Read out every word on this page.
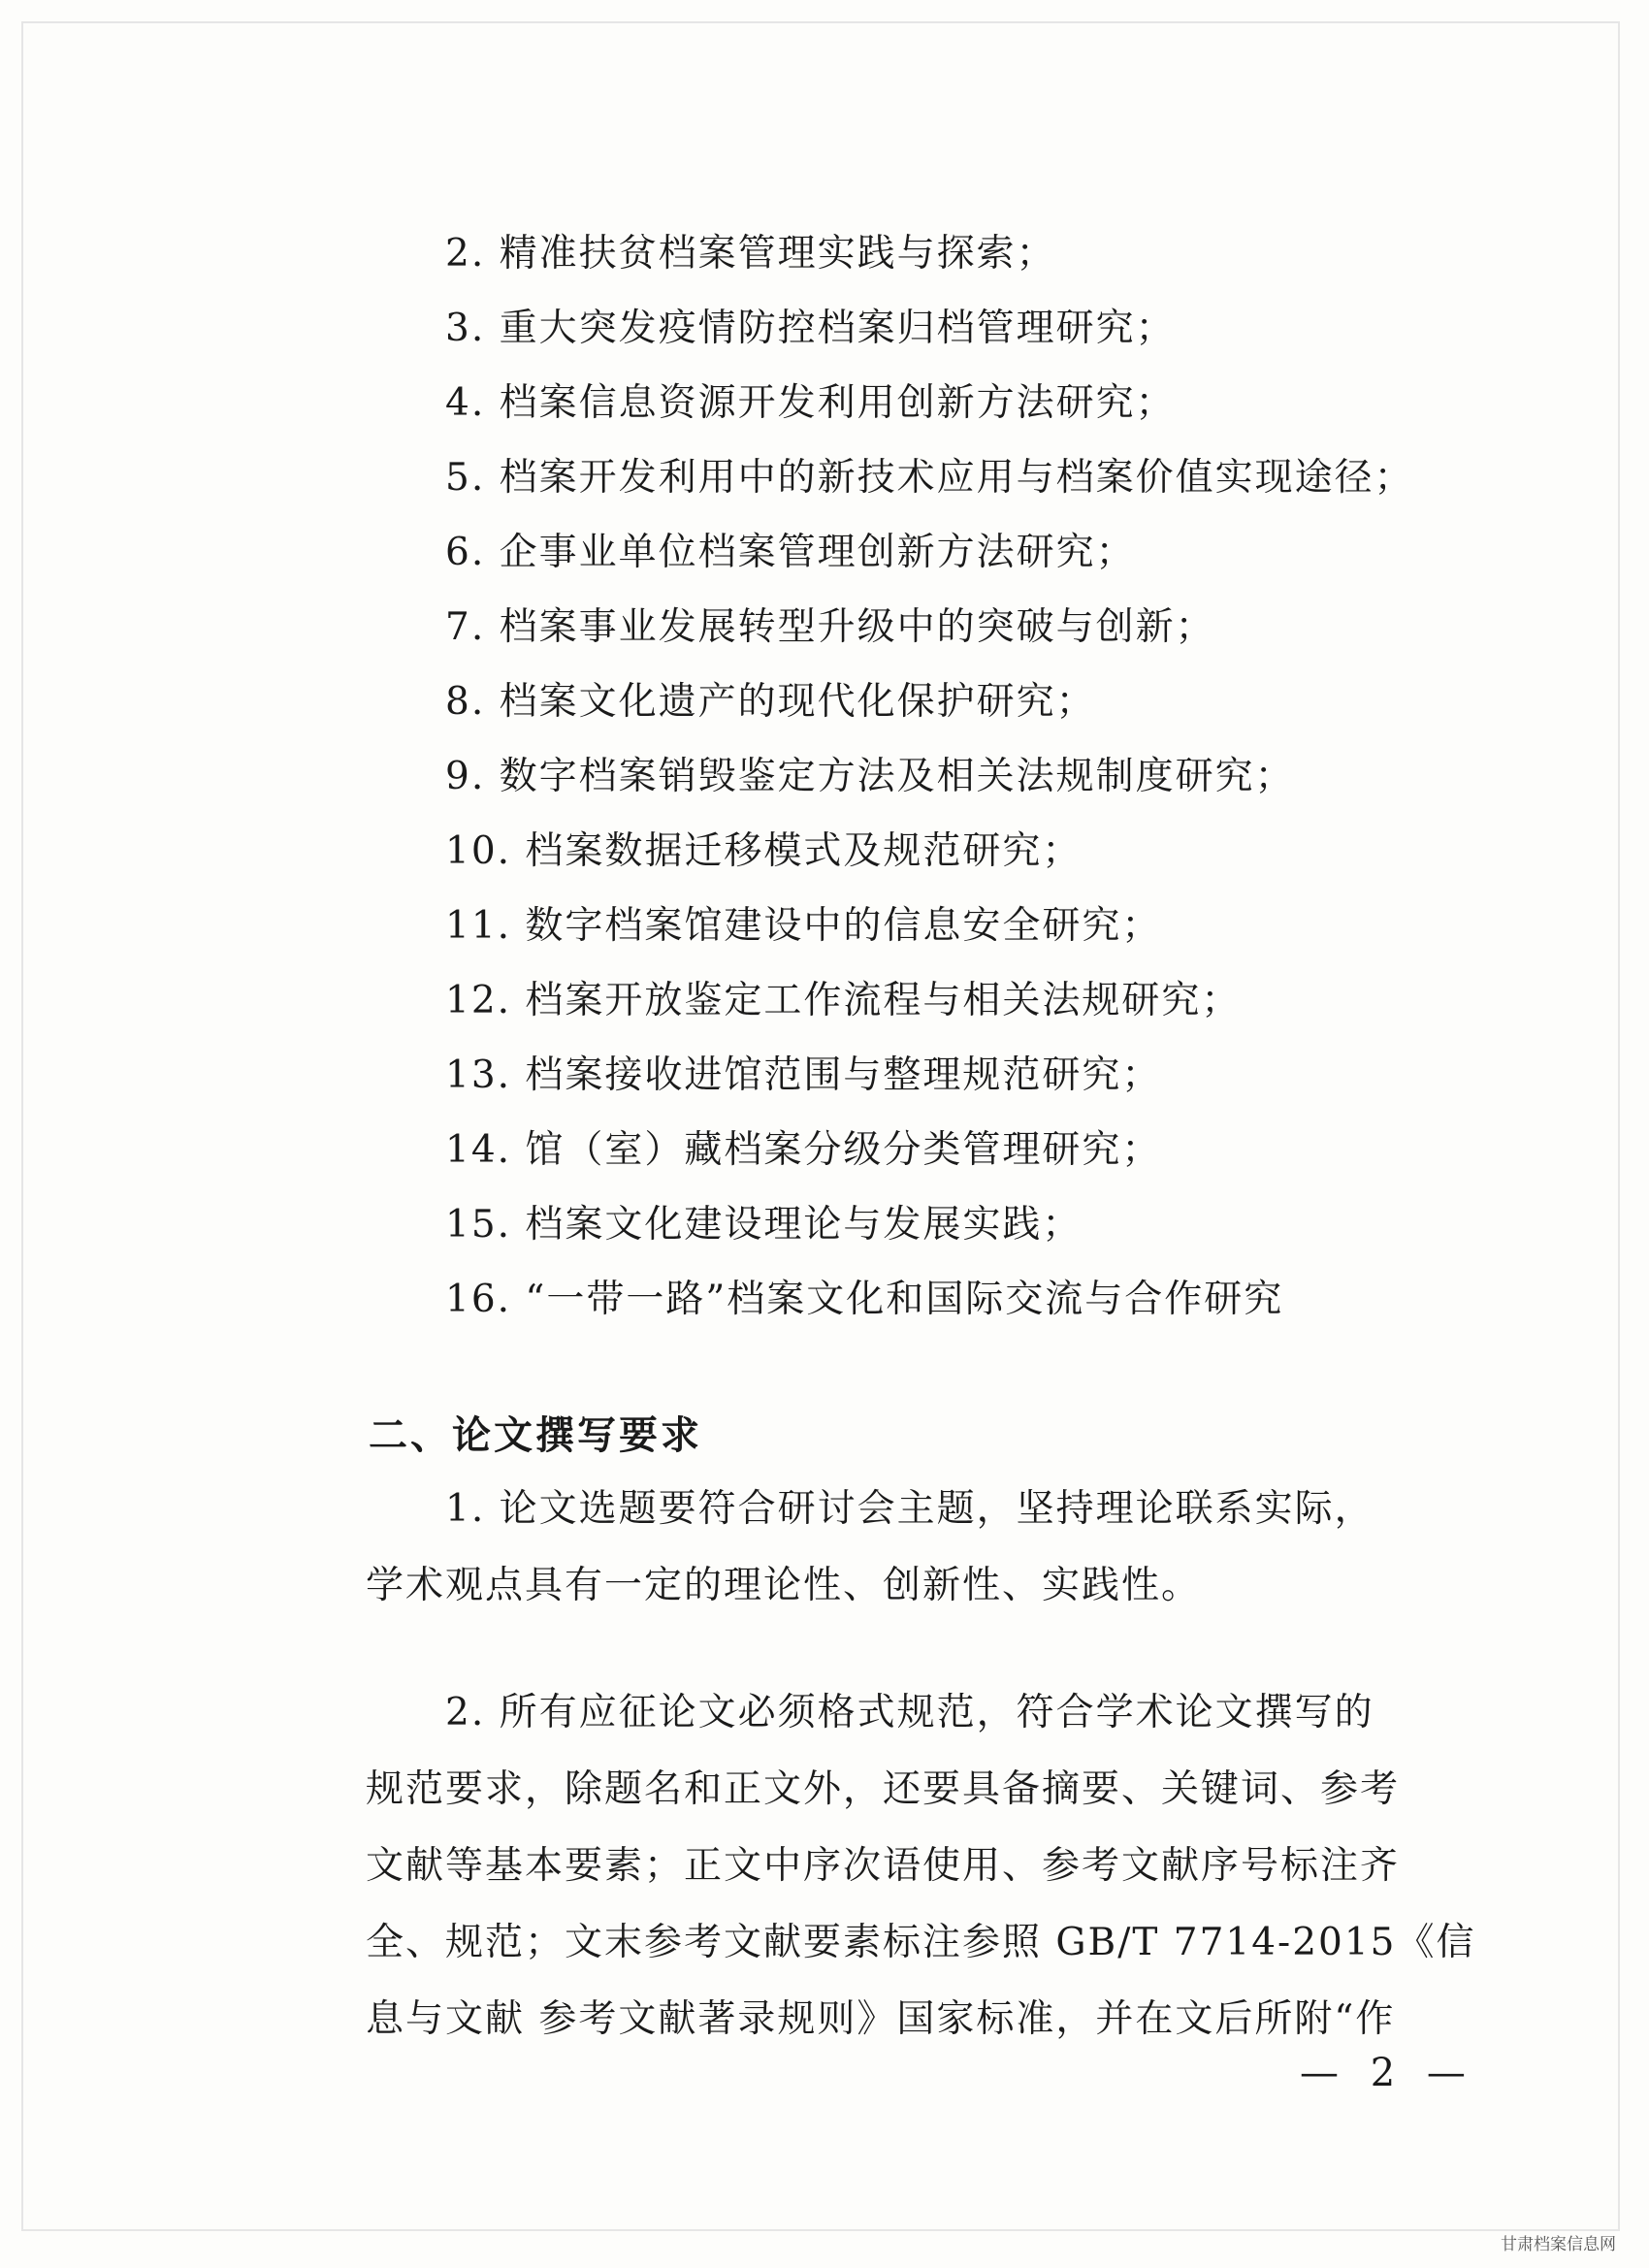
2. 精准扶贫档案管理实践与探索；
3. 重大突发疫情防控档案归档管理研究；
4. 档案信息资源开发利用创新方法研究；
5. 档案开发利用中的新技术应用与档案价值实现途径；
6. 企事业单位档案管理创新方法研究；
7. 档案事业发展转型升级中的突破与创新；
8. 档案文化遗产的现代化保护研究；
9. 数字档案销毁鉴定方法及相关法规制度研究；
10. 档案数据迁移模式及规范研究；
11. 数字档案馆建设中的信息安全研究；
12. 档案开放鉴定工作流程与相关法规研究；
13. 档案接收进馆范围与整理规范研究；
14. 馆（室）藏档案分级分类管理研究；
15. 档案文化建设理论与发展实践；
16. “一带一路”档案文化和国际交流与合作研究
二、论文撰写要求

1. 论文选题要符合研讨会主题，坚持理论联系实际，
学术观点具有一定的理论性、创新性、实践性。

2. 所有应征论文必须格式规范，符合学术论文撰写的
规范要求，除题名和正文外，还要具备摘要、关键词、参考
文献等基本要素；正文中序次语使用、参考文献序号标注齐
全、规范；文末参考文献要素标注参照 GB/T 7714-2015《信
息与文献 参考文献著录规则》国家标准，并在文后所附“作

— 2 —
甘肃档案信息网
